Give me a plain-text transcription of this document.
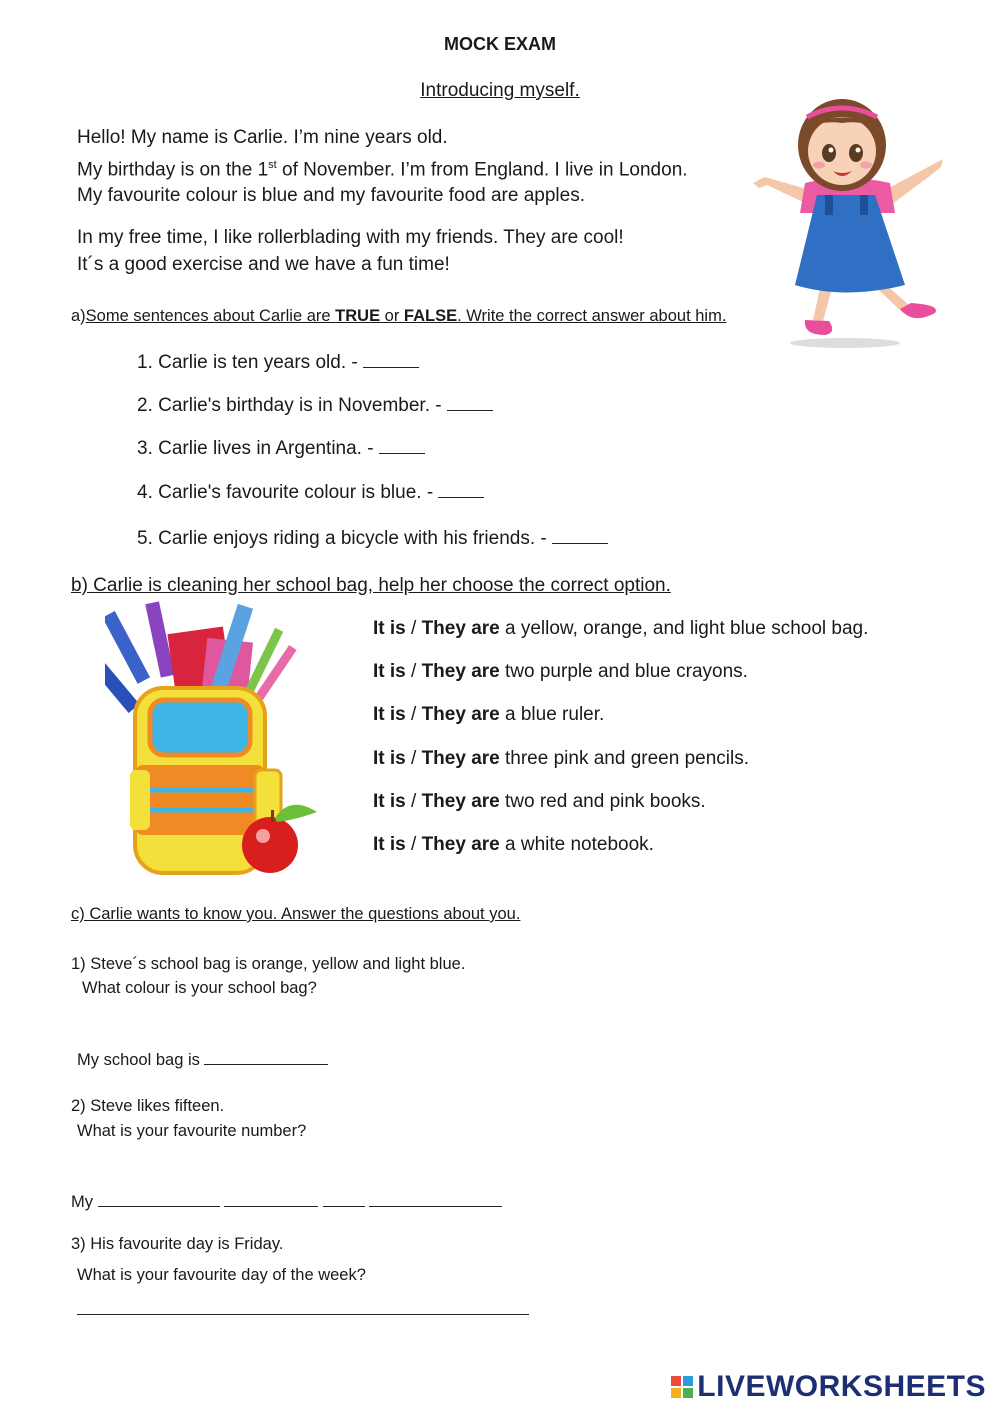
MOCK EXAM
Introducing myself.
Hello! My name is Carlie. I’m nine years old.
My birthday is on the 1st of November. I’m from England. I live in London.
My favourite colour is blue and my favourite food are apples.
In my free time, I like rollerblading with my friends. They are cool!
It´s a good exercise and we have a fun time!
a)Some sentences about Carlie are TRUE or FALSE. Write the correct answer about him.
1. Carlie is ten years old. -
2. Carlie's birthday is in November. -
3. Carlie lives in Argentina. -
4. Carlie's favourite colour is blue. -
5. Carlie enjoys riding a bicycle with his friends. -
b) Carlie is cleaning her school bag, help her choose the correct option.
It is / They are a yellow, orange, and light blue school bag.
It is / They are two purple and blue crayons.
It is / They are a blue ruler.
It is / They are three pink and green pencils.
It is / They are two red and pink books.
It is / They are a white notebook.
c) Carlie wants to know you. Answer the questions about you.
1) Steve´s school bag is orange, yellow and light blue.
What colour is your school bag?
My school bag is
2) Steve likes fifteen.
What is your favourite number?
My
3) His favourite day is Friday.
What is your favourite day of the week?
LIVEWORKSHEETS
